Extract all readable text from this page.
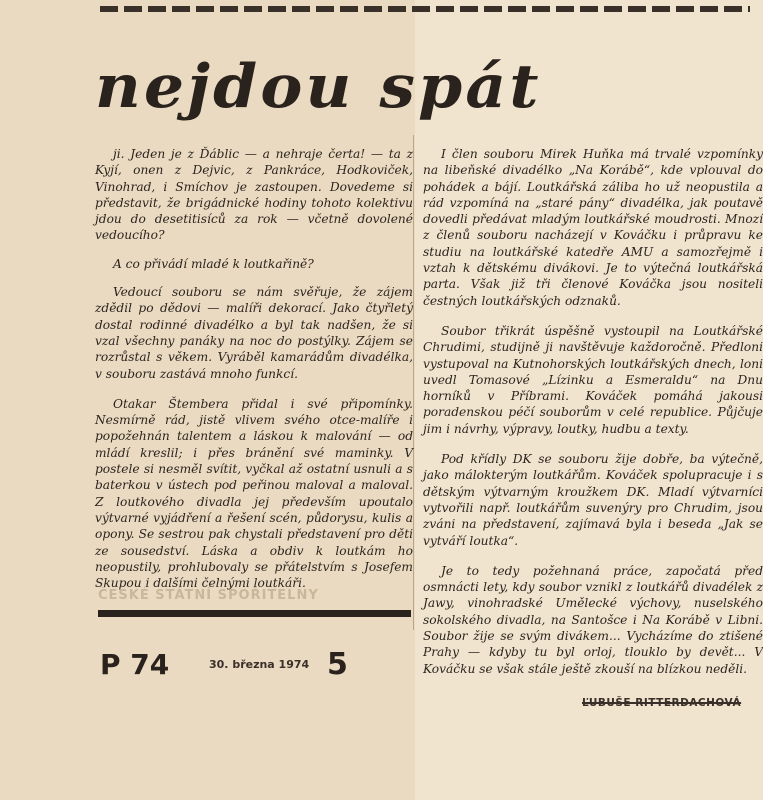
ČESKÉ STÁTNÍ SPOŘITELNY
nejdou spát

ji. Jeden je z Ďáblic — a nehraje čerta! — ta z Kyjí, onen z Dejvic, z Pankráce, Hodkoviček, Vinohrad, i Smíchov je zastoupen. Dovedeme si představit, že brigádnické hodiny tohoto kolektivu jdou do desetitisíců za rok — včetně dovolené vedoucího?

A co přivádí mladé k loutkařině?

Vedoucí souboru se nám svěřuje, že zájem zdědil po dědovi — malíři dekorací. Jako čtyřletý dostal rodinné divadélko a byl tak nadšen, že si vzal všechny panáky na noc do postýlky. Zájem se rozrůstal s věkem. Vyráběl kamarádům divadélka, v souboru zastává mnoho funkcí.

Otakar Štembera přidal i své připomínky. Nesmírně rád, jistě vlivem svého otce-malíře i popožehnán talentem a láskou k malování — od mládí kreslil; i přes bránění své maminky. V postele si nesměl svítit, vyčkal až ostatní usnuli a s baterkou v ústech pod peřinou maloval a maloval. Z loutkového divadla jej především upoutalo výtvarné vyjádření a řešení scén, půdorysu, kulis a opony. Se sestrou pak chystali představení pro děti ze sousedství. Láska a obdiv k loutkám ho neopustily, prohlubovaly se přátelstvím s Josefem Skupou i dalšími čelnými loutkáři.

I člen souboru Mirek Huňka má trvalé vzpomínky na libeňské divadélko „Na Korábě“, kde vplouval do pohádek a bájí. Loutkářská záliba ho už neopustila a rád vzpomíná na „staré pány“ divadélka, jak poutavě dovedli předávat mladým loutkářské moudrosti. Mnozí z členů souboru nacházejí v Kováčku i průpravu ke studiu na loutkářské katedře AMU a samozřejmě i vztah k dětskému divákovi. Je to výtečná loutkářská parta. Však již tři členové Kováčka jsou nositeli čestných loutkářských odznaků.

Soubor třikrát úspěšně vystoupil na Loutkářské Chrudimi, studijně ji navštěvuje každoročně. Předloni vystupoval na Kutnohorských loutkářských dnech, loni uvedl Tomasové „Lízinku a Esmeraldu“ na Dnu horníků v Příbrami. Kováček pomáhá jakousi poradenskou péčí souborům v celé republice. Půjčuje jim i návrhy, výpravy, loutky, hudbu a texty.

Pod křídly DK se souboru žije dobře, ba výtečně, jako málokterým loutkářům. Kováček spolupracuje i s dětským výtvarným kroužkem DK. Mladí výtvarníci vytvořili např. loutkářům suvenýry pro Chrudim, jsou zváni na představení, zajímavá byla i beseda „Jak se vytváří loutka“.

Je to tedy požehnaná práce, započatá před osmnácti lety, kdy soubor vznikl z loutkářů divadélek z Jawy, vinohradské Umělecké výchovy, nuselského sokolského divadla, na Santošce i Na Korábě v Libni. Soubor žije se svým divákem... Vycházíme do ztišené Prahy — kdyby tu byl orloj, tlouklo by devět... V Kováčku se však stále ještě zkouší na blízkou neděli.

P 74	30. března 1974 5
ĽUBUŠE RITTERDACHOVÁ
